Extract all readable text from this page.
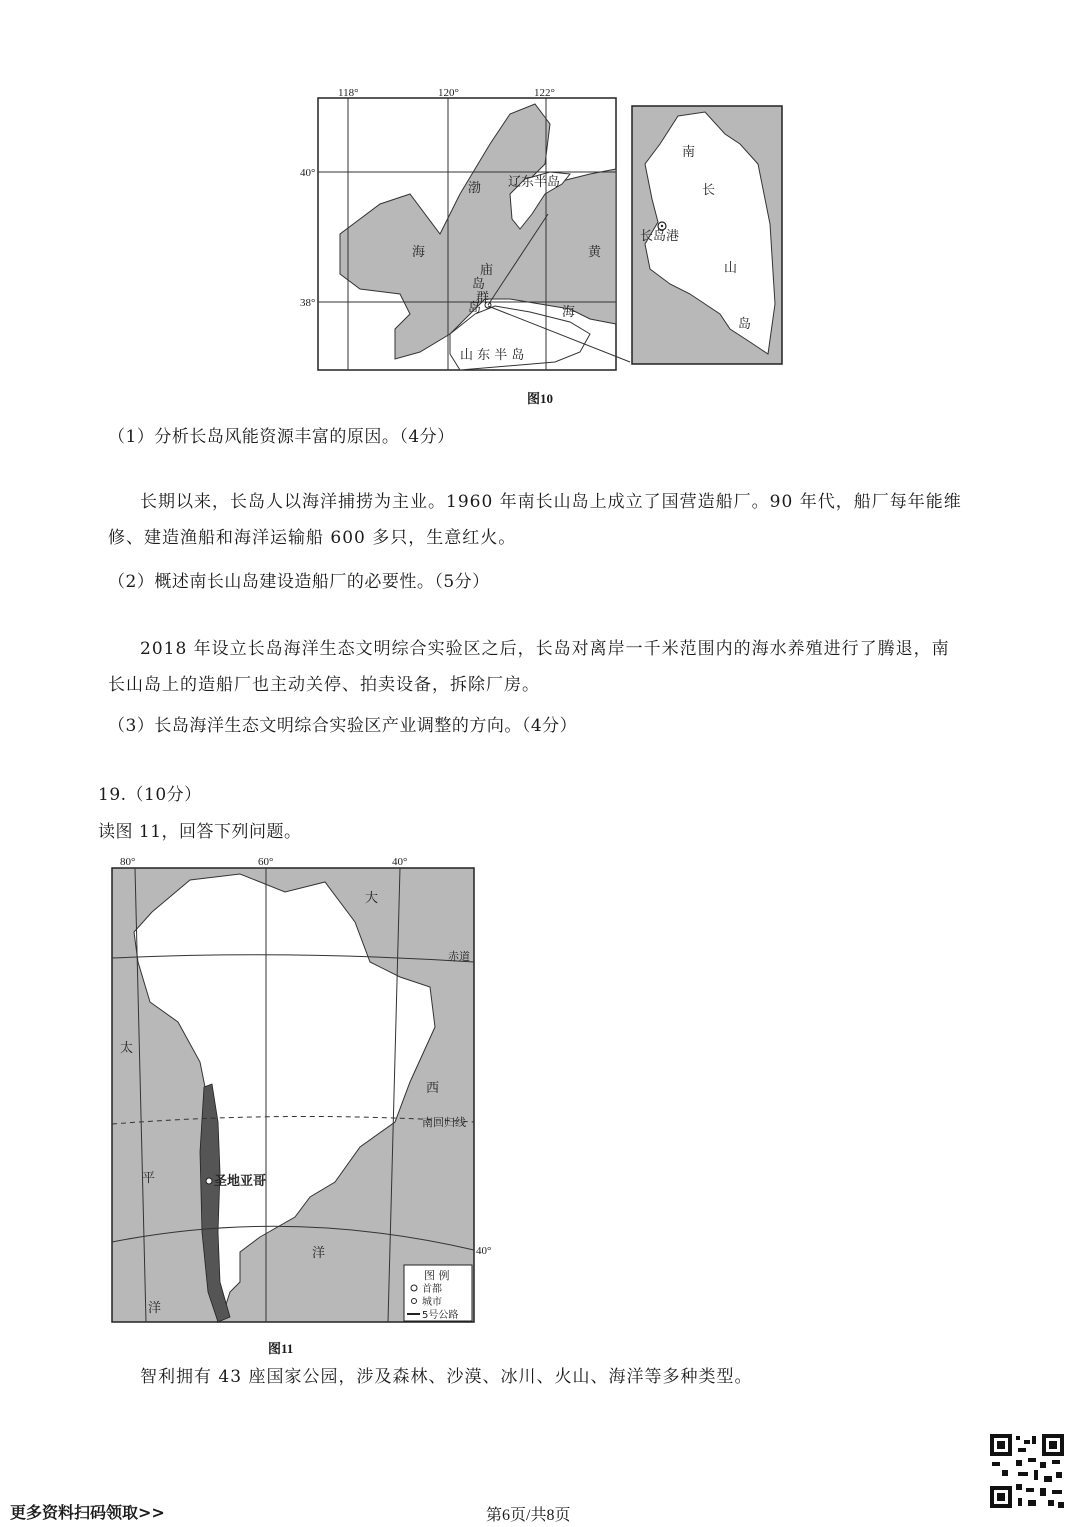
118°	120°	122°
40°
38°
辽东半岛
渤
海	黄
海
庙
岛
群
岛
山 东 半 岛
南
长
山
岛
长岛港
图10
（1）分析长岛风能资源丰富的原因。（4分）
长期以来，长岛人以海洋捕捞为主业。1960 年南长山岛上成立了国营造船厂。90 年代，船厂每年能维
修、建造渔船和海洋运输船 600 多只，生意红火。
（2）概述南长山岛建设造船厂的必要性。（5分）
2018 年设立长岛海洋生态文明综合实验区之后，长岛对离岸一千米范围内的海水养殖进行了腾退，南
长山岛上的造船厂也主动关停、拍卖设备，拆除厂房。
（3）长岛海洋生态文明综合实验区产业调整的方向。（4分）
19.（10分）
读图 11，回答下列问题。
80°	60°	40°
40°
赤道
南回归线
大
西
洋
太
平
洋
圣地亚哥
图 例
首都
城市
5号公路
图11
智利拥有 43 座国家公园，涉及森林、沙漠、冰川、火山、海洋等多种类型。
更多资料扫码领取>>	第6页/共8页
